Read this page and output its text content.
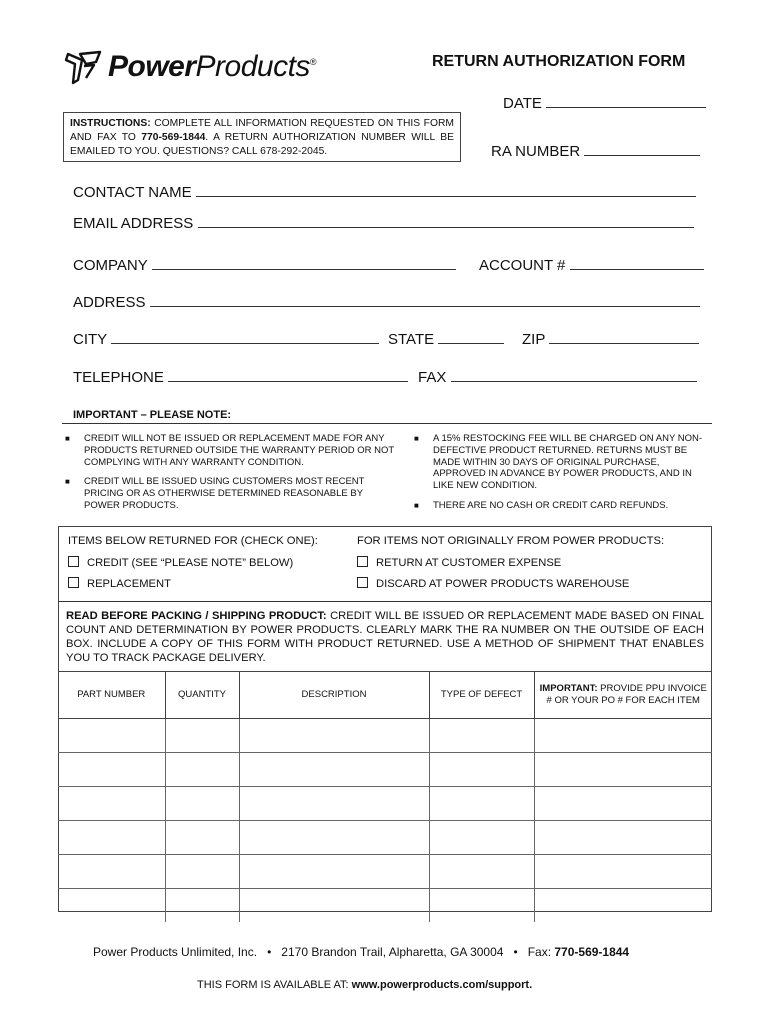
PowerProducts®	RETURN AUTHORIZATION FORM
DATE
INSTRUCTIONS: COMPLETE ALL INFORMATION REQUESTED ON THIS FORM AND FAX TO 770-569-1844. A RETURN AUTHORIZATION NUMBER WILL BE EMAILED TO YOU. QUESTIONS? CALL 678-292-2045.	RA NUMBER
CONTACT NAME
EMAIL ADDRESS
COMPANY	ACCOUNT #
ADDRESS
CITY	STATE	ZIP
TELEPHONE	FAX
IMPORTANT – PLEASE NOTE:
■ CREDIT WILL NOT BE ISSUED OR REPLACEMENT MADE FOR ANY PRODUCTS RETURNED OUTSIDE THE WARRANTY PERIOD OR NOT COMPLYING WITH ANY WARRANTY CONDITION.
■ CREDIT WILL BE ISSUED USING CUSTOMERS MOST RECENT PRICING OR AS OTHERWISE DETERMINED REASONABLE BY POWER PRODUCTS.
■ A 15% RESTOCKING FEE WILL BE CHARGED ON ANY NON-DEFECTIVE PRODUCT RETURNED. RETURNS MUST BE MADE WITHIN 30 DAYS OF ORIGINAL PURCHASE, APPROVED IN ADVANCE BY POWER PRODUCTS, AND IN LIKE NEW CONDITION.
■ THERE ARE NO CASH OR CREDIT CARD REFUNDS.
ITEMS BELOW RETURNED FOR (CHECK ONE):
CREDIT (SEE “PLEASE NOTE” BELOW)
REPLACEMENT
FOR ITEMS NOT ORIGINALLY FROM POWER PRODUCTS:
RETURN AT CUSTOMER EXPENSE
DISCARD AT POWER PRODUCTS WAREHOUSE
READ BEFORE PACKING / SHIPPING PRODUCT: CREDIT WILL BE ISSUED OR REPLACEMENT MADE BASED ON FINAL COUNT AND DETERMINATION BY POWER PRODUCTS. CLEARLY MARK THE RA NUMBER ON THE OUTSIDE OF EACH BOX. INCLUDE A COPY OF THIS FORM WITH PRODUCT RETURNED. USE A METHOD OF SHIPMENT THAT ENABLES YOU TO TRACK PACKAGE DELIVERY.
PART NUMBER	QUANTITY	DESCRIPTION	TYPE OF DEFECT	IMPORTANT: PROVIDE PPU INVOICE # OR YOUR PO # FOR EACH ITEM

Power Products Unlimited, Inc. • 2170 Brandon Trail, Alpharetta, GA 30004 • Fax: 770-569-1844
THIS FORM IS AVAILABLE AT: www.powerproducts.com/support.
